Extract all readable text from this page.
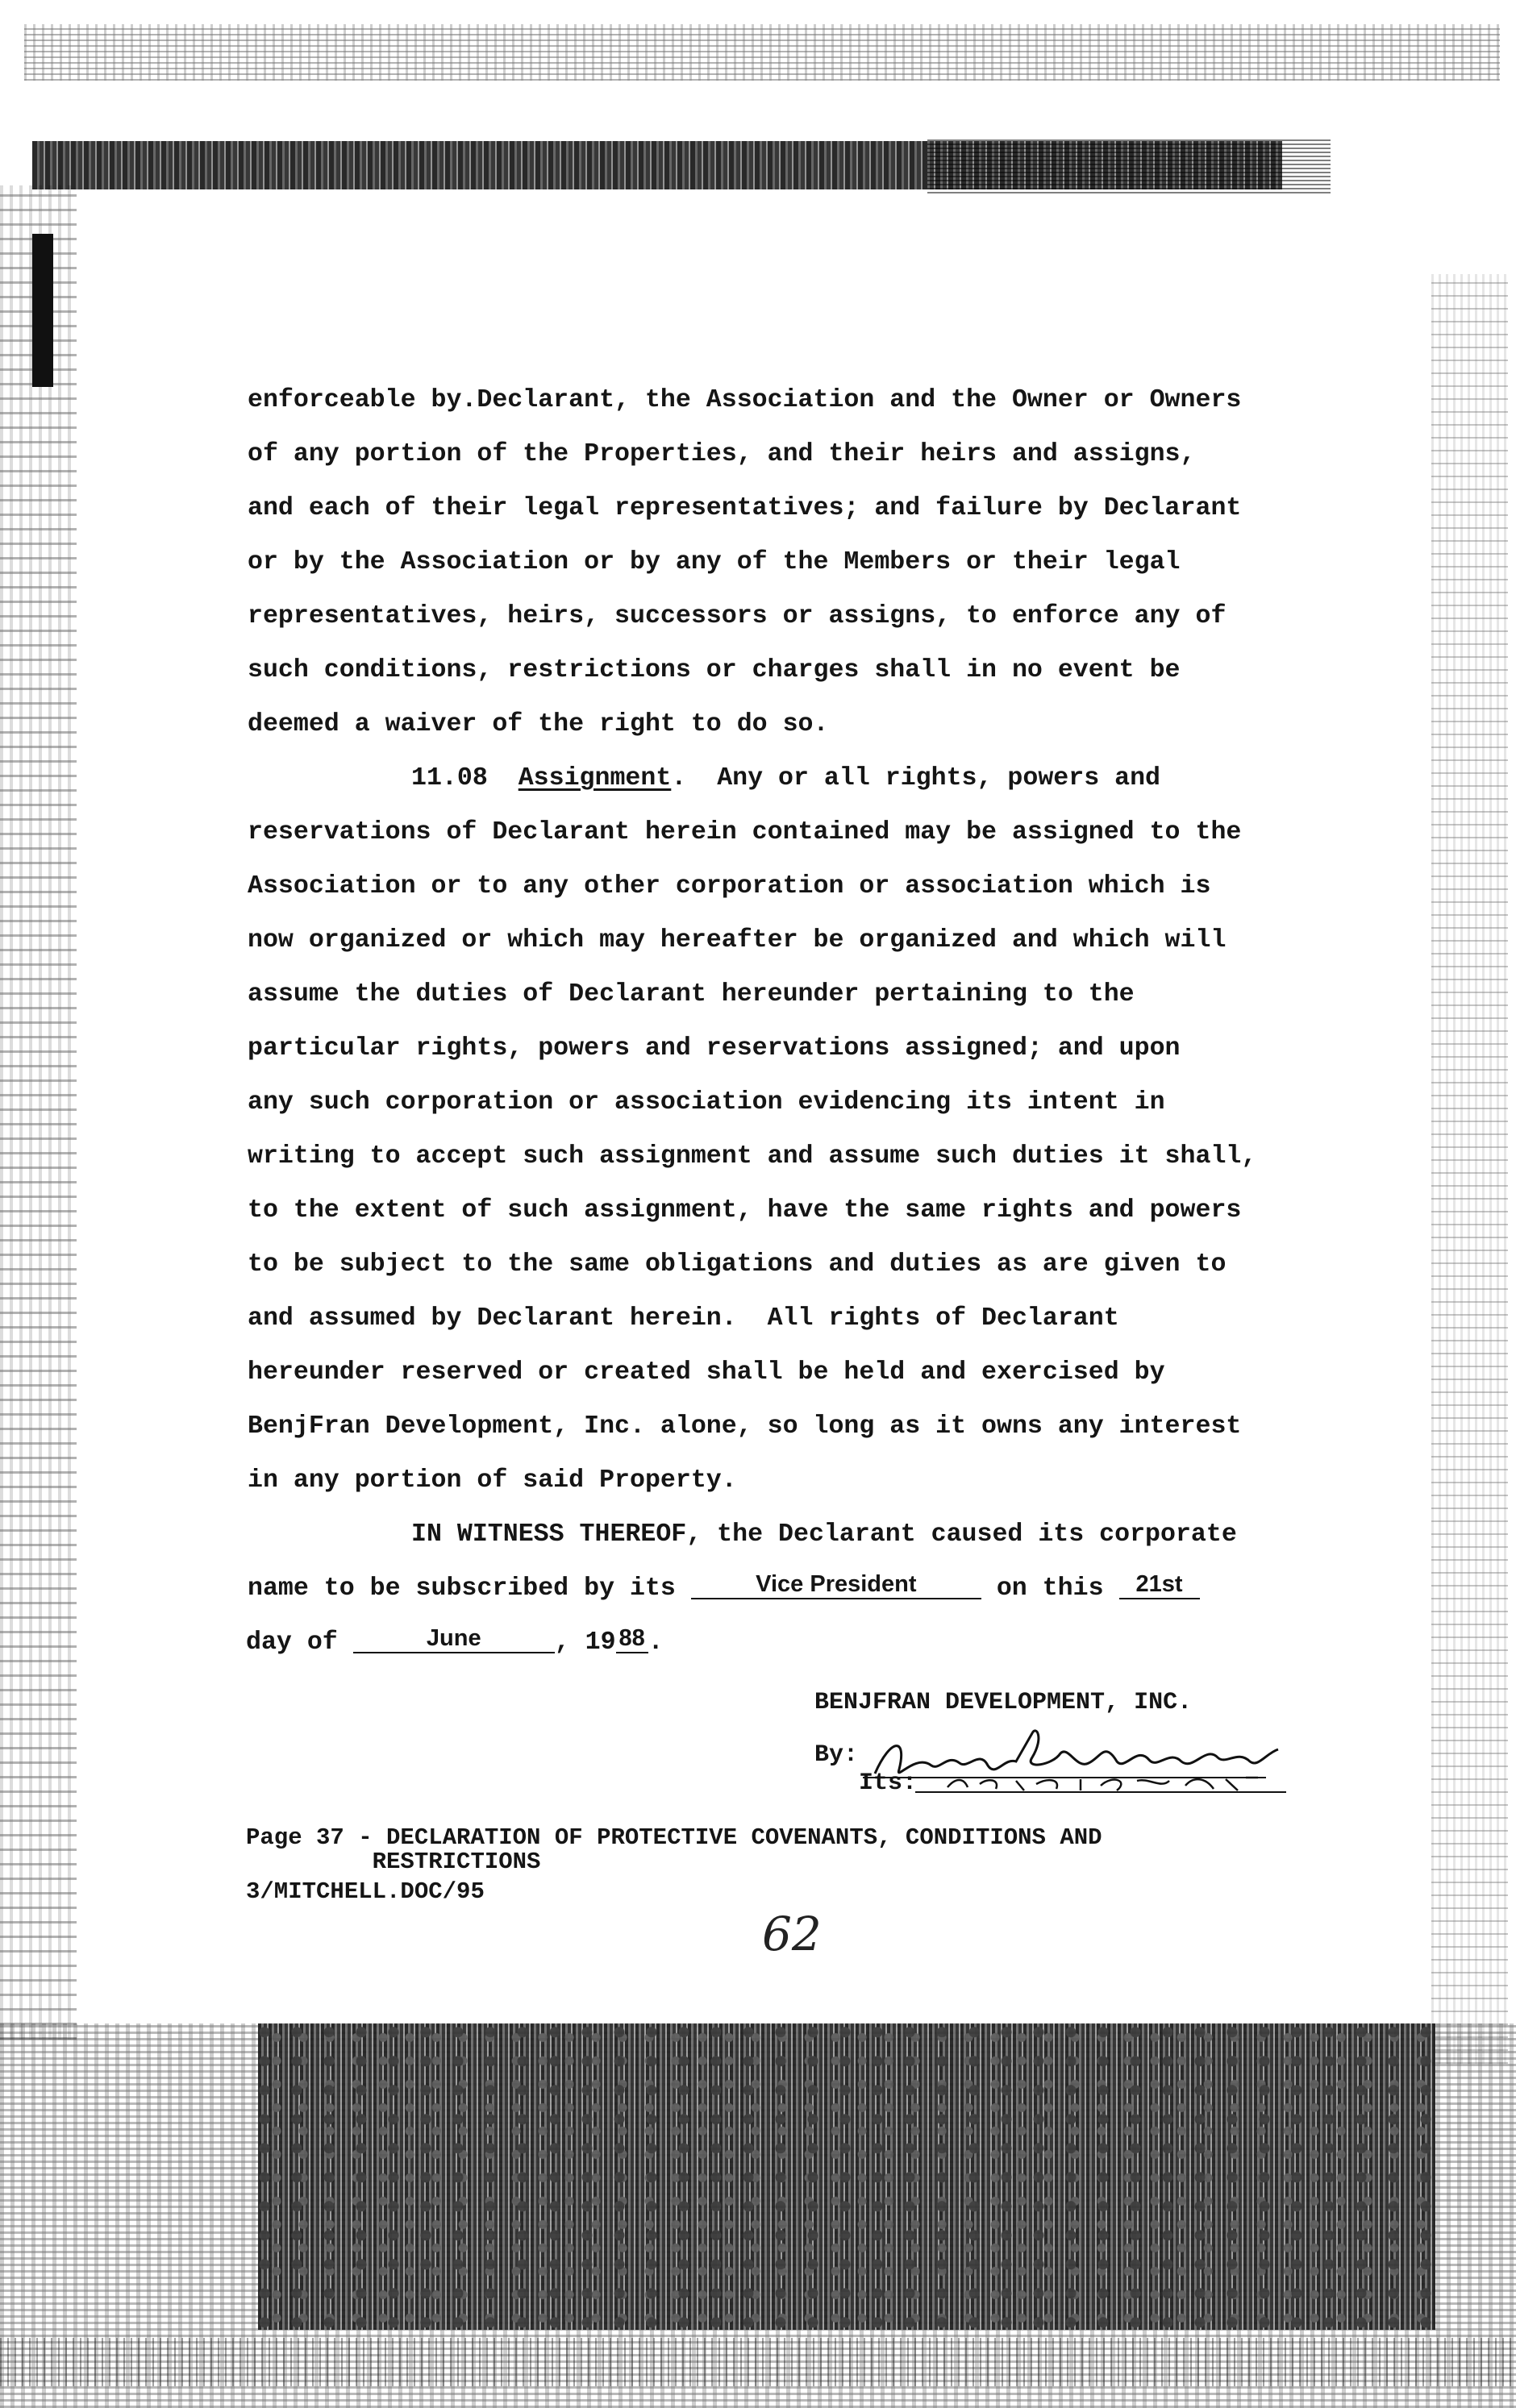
enforceable by.Declarant, the Association and the Owner or Owners

of any portion of the Properties, and their heirs and assigns,

and each of their legal representatives; and failure by Declarant

or by the Association or by any of the Members or their legal

representatives, heirs, successors or assigns, to enforce any of

such conditions, restrictions or charges shall in no event be

deemed a waiver of the right to do so.

11.08 Assignment.  Any or all rights, powers and

reservations of Declarant herein contained may be assigned to the

Association or to any other corporation or association which is

now organized or which may hereafter be organized and which will

assume the duties of Declarant hereunder pertaining to the

particular rights, powers and reservations assigned; and upon

any such corporation or association evidencing its intent in

writing to accept such assignment and assume such duties it shall,

to the extent of such assignment, have the same rights and powers

to be subject to the same obligations and duties as are given to

and assumed by Declarant herein.  All rights of Declarant

hereunder reserved or created shall be held and exercised by

BenjFran Development, Inc. alone, so long as it owns any interest

in any portion of said Property.

IN WITNESS THEREOF, the Declarant caused its corporate

name to be subscribed by its	Vice President	on this 21st

day of	June	, 19 88 .

BENJFRAN DEVELOPMENT, INC.

By:

Its:

Page 37 - DECLARATION OF PROTECTIVE COVENANTS, CONDITIONS AND

RESTRICTIONS

3/MITCHELL.DOC/95

62
